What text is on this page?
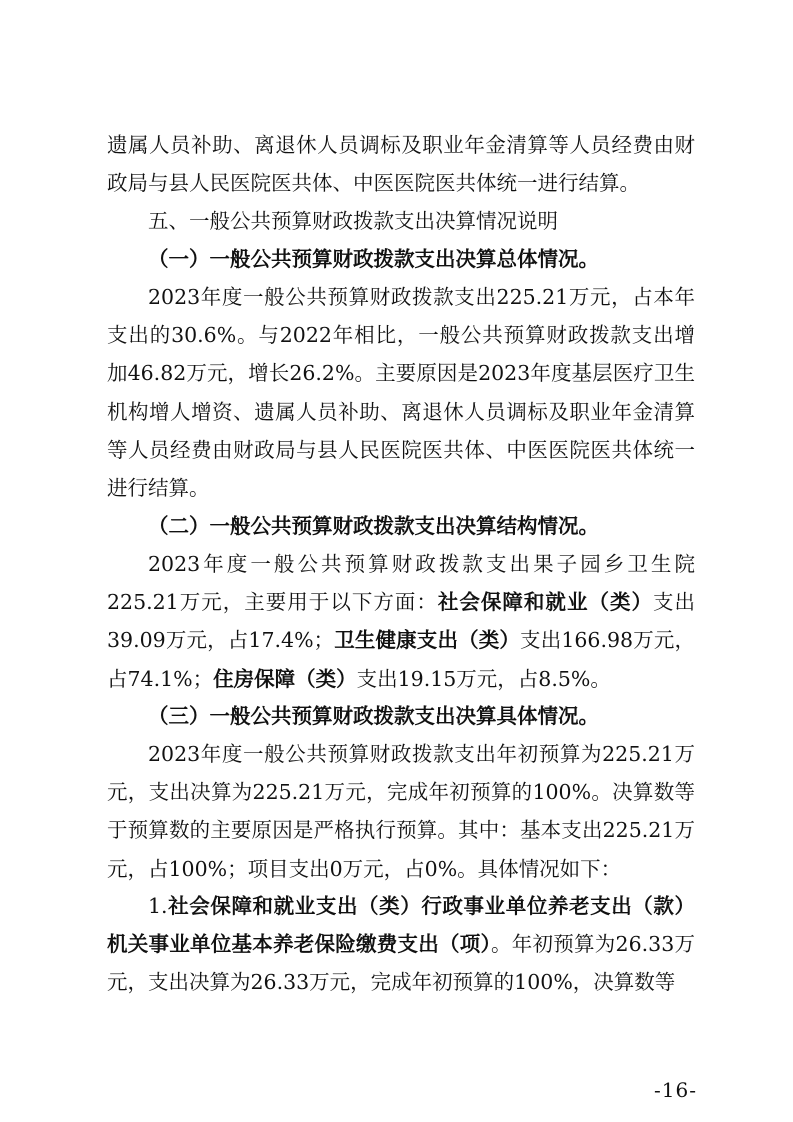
遗属人员补助、离退休人员调标及职业年金清算等人员经费由财政局与县人民医院医共体、中医医院医共体统一进行结算。

五、一般公共预算财政拨款支出决算情况说明

（一）一般公共预算财政拨款支出决算总体情况。

2023年度一般公共预算财政拨款支出225.21万元，占本年支出的30.6%。与2022年相比，一般公共预算财政拨款支出增加46.82万元，增长26.2%。主要原因是2023年度基层医疗卫生机构增人增资、遗属人员补助、离退休人员调标及职业年金清算等人员经费由财政局与县人民医院医共体、中医医院医共体统一进行结算。

（二）一般公共预算财政拨款支出决算结构情况。

2023年度一般公共预算财政拨款支出果子园乡卫生院225.21万元，主要用于以下方面：社会保障和就业（类）支出39.09万元，占17.4%；卫生健康支出（类）支出166.98万元，占74.1%；住房保障（类）支出19.15万元，占8.5%。

（三）一般公共预算财政拨款支出决算具体情况。

2023年度一般公共预算财政拨款支出年初预算为225.21万元，支出决算为225.21万元，完成年初预算的100%。决算数等于预算数的主要原因是严格执行预算。其中：基本支出225.21万元，占100%；项目支出0万元，占0%。具体情况如下：

1.社会保障和就业支出（类）行政事业单位养老支出（款）机关事业单位基本养老保险缴费支出（项）。年初预算为26.33万元，支出决算为26.33万元，完成年初预算的100%，决算数等

-16-
